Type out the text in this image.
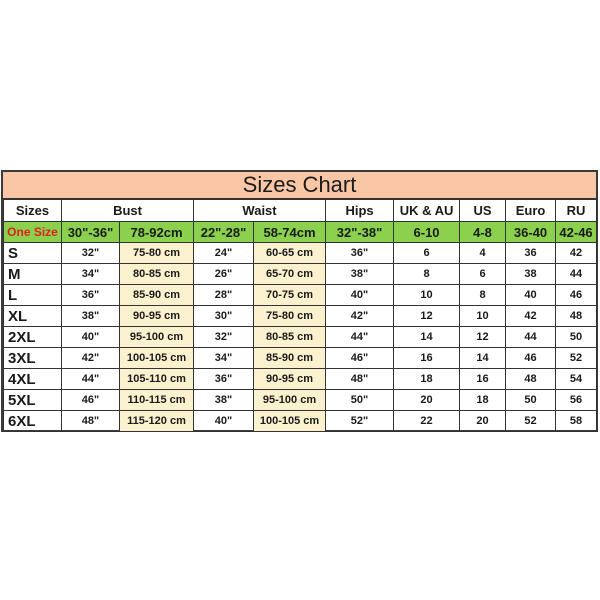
Sizes Chart
Sizes	Bust		Waist		Hips	UK & AU	US	Euro	RU
One Size	30"-36"	78-92cm	22"-28"	58-74cm	32"-38"	6-10	4-8	36-40	42-46
S	32"	75-80 cm	24"	60-65 cm	36"	6	4	36	42
M	34"	80-85 cm	26"	65-70 cm	38"	8	6	38	44
L	36"	85-90 cm	28"	70-75 cm	40"	10	8	40	46
XL	38"	90-95 cm	30"	75-80 cm	42"	12	10	42	48
2XL	40"	95-100 cm	32"	80-85 cm	44"	14	12	44	50
3XL	42"	100-105 cm	34"	85-90 cm	46"	16	14	46	52
4XL	44"	105-110 cm	36"	90-95 cm	48"	18	16	48	54
5XL	46"	110-115 cm	38"	95-100 cm	50"	20	18	50	56
6XL	48"	115-120 cm	40"	100-105 cm	52"	22	20	52	58
